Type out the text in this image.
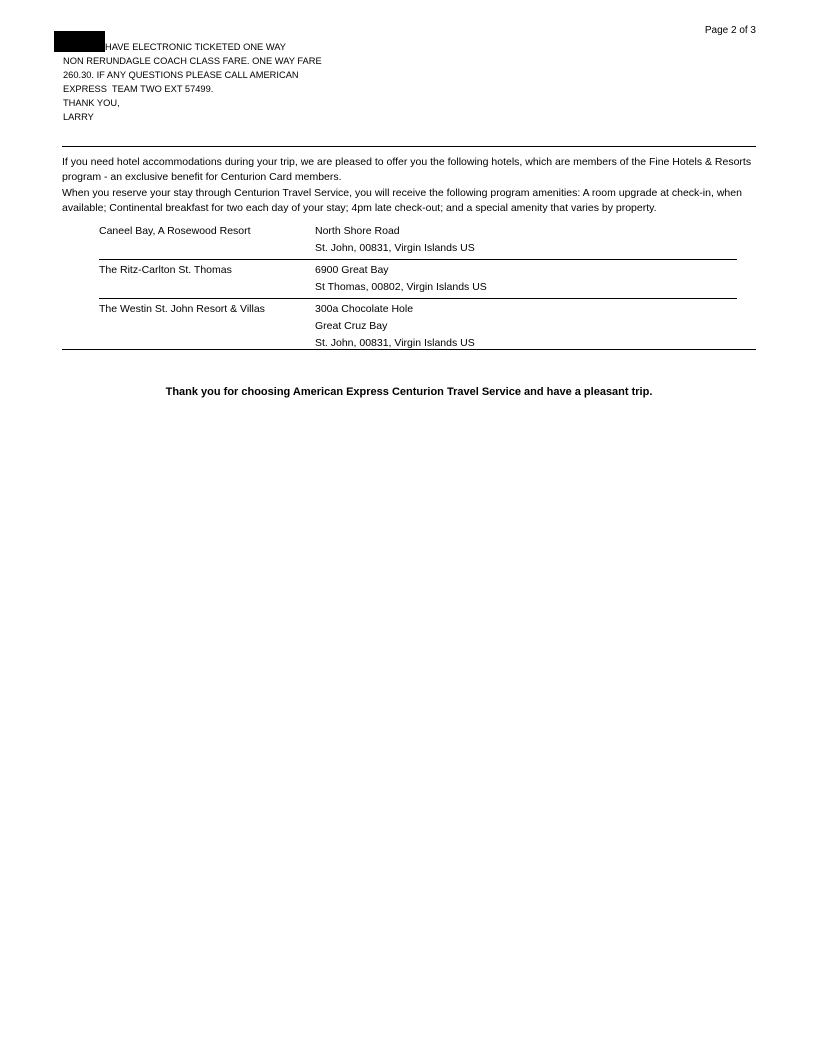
Page 2 of 3
HAVE ELECTRONIC TICKETED ONE WAY
NON RERUNDAGLE COACH CLASS FARE. ONE WAY FARE
260.30. IF ANY QUESTIONS PLEASE CALL AMERICAN
EXPRESS  TEAM TWO EXT 57499.
THANK YOU,
LARRY

If you need hotel accommodations during your trip, we are pleased to offer you the following hotels, which are members of the Fine Hotels & Resorts program - an exclusive benefit for Centurion Card members.

When you reserve your stay through Centurion Travel Service, you will receive the following program amenities: A room upgrade at check-in, when available; Continental breakfast for two each day of your stay; 4pm late check-out; and a special amenity that varies by property.

Caneel Bay, A Rosewood Resort	North Shore Road
St. John, 00831, Virgin Islands US
The Ritz-Carlton St. Thomas	6900 Great Bay
St Thomas, 00802, Virgin Islands US
The Westin St. John Resort & Villas	300a Chocolate Hole
Great Cruz Bay
St. John, 00831, Virgin Islands US
Thank you for choosing American Express Centurion Travel Service and have a pleasant trip.
